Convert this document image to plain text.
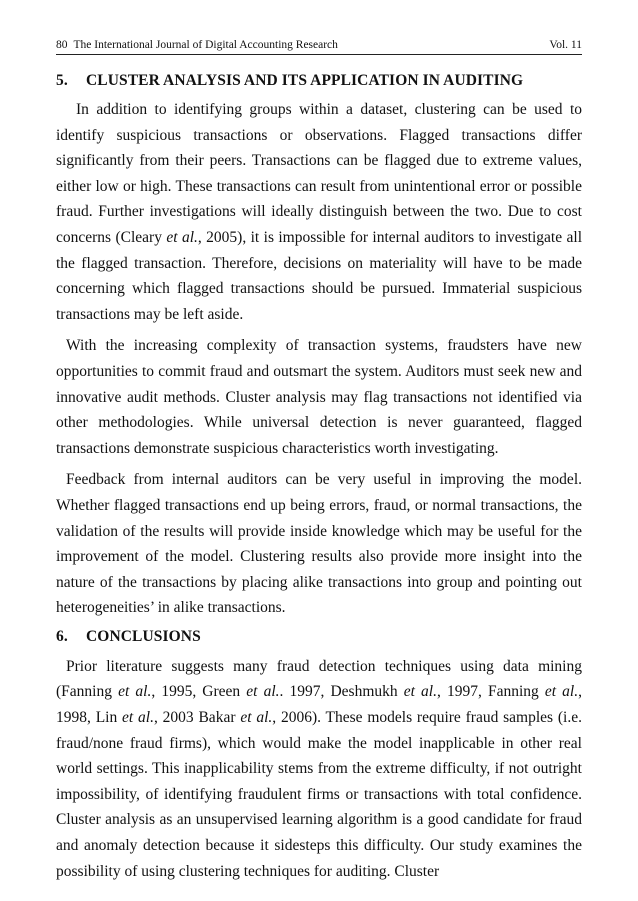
80 The International Journal of Digital Accounting Research	Vol. 11
5. CLUSTER ANALYSIS AND ITS APPLICATION IN AUDITING

In addition to identifying groups within a dataset, clustering can be used to identify suspicious transactions or observations. Flagged transactions differ significantly from their peers. Transactions can be flagged due to extreme values, either low or high. These transactions can result from unintentional error or possible fraud. Further investigations will ideally distinguish between the two. Due to cost concerns (Cleary et al., 2005), it is impossible for internal auditors to investigate all the flagged transaction. Therefore, decisions on materiality will have to be made concerning which flagged transactions should be pursued. Immaterial suspicious transactions may be left aside.

With the increasing complexity of transaction systems, fraudsters have new opportunities to commit fraud and outsmart the system. Auditors must seek new and innovative audit methods. Cluster analysis may flag transactions not identified via other methodologies. While universal detection is never guaranteed, flagged transactions demonstrate suspicious characteristics worth investigating.

Feedback from internal auditors can be very useful in improving the model. Whether flagged transactions end up being errors, fraud, or normal transactions, the validation of the results will provide inside knowledge which may be useful for the improvement of the model. Clustering results also provide more insight into the nature of the transactions by placing alike transactions into group and pointing out heterogeneities’ in alike transactions.

6. CONCLUSIONS

Prior literature suggests many fraud detection techniques using data mining (Fanning et al., 1995, Green et al.. 1997, Deshmukh et al., 1997, Fanning et al., 1998, Lin et al., 2003 Bakar et al., 2006). These models require fraud samples (i.e. fraud/none fraud firms), which would make the model inapplicable in other real world settings. This inapplicability stems from the extreme difficulty, if not outright impossibility, of identifying fraudulent firms or transactions with total confidence. Cluster analysis as an unsupervised learning algorithm is a good candidate for fraud and anomaly detection because it sidesteps this difficulty. Our study examines the possibility of using clustering techniques for auditing. Cluster
